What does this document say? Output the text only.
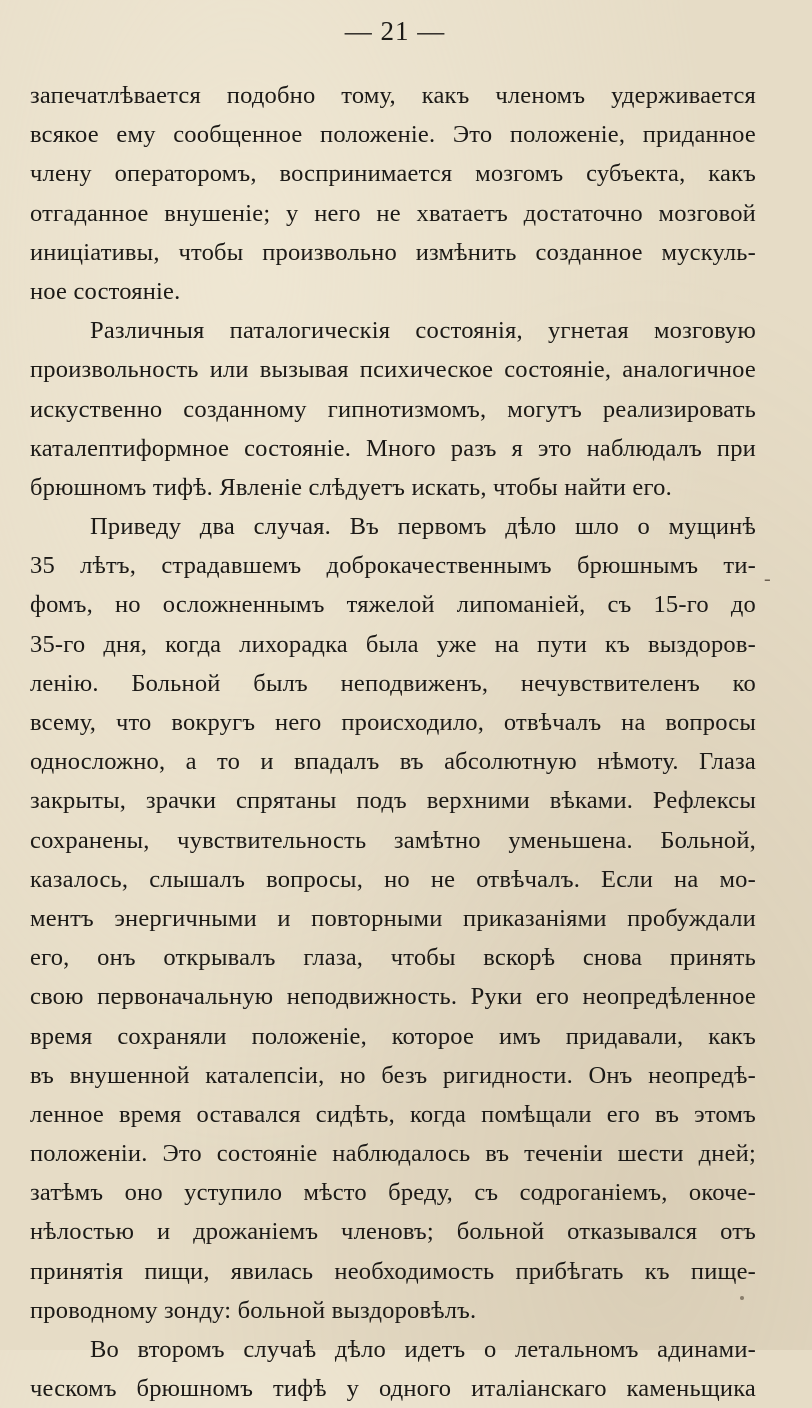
— 21 —
запечатлѣвается подобно тому, какъ членомъ удерживается
всякое ему сообщенное положеніе. Это положеніе, приданное
члену операторомъ, воспринимается мозгомъ субъекта, какъ
отгаданное внушеніе; у него не хватаетъ достаточно мозговой
иниціативы, чтобы произвольно измѣнить созданное мускуль-
ное состояніе.
Различныя паталогическія состоянія, угнетая мозговую
произвольность или вызывая психическое состояніе, аналогичное
искуственно созданному гипнотизмомъ, могутъ реализировать
каталептиформное состояніе. Много разъ я это наблюдалъ при
брюшномъ тифѣ. Явленіе слѣдуетъ искать, чтобы найти его.
Приведу два случая. Въ первомъ дѣло шло о мущинѣ
35 лѣтъ, страдавшемъ доброкачественнымъ брюшнымъ ти-
фомъ, но осложненнымъ тяжелой липоманіей, съ 15-го до
35-го дня, когда лихорадка была уже на пути къ выздоров-
ленію. Больной былъ неподвиженъ, нечувствителенъ ко
всему, что вокругъ него происходило, отвѣчалъ на вопросы
односложно, а то и впадалъ въ абсолютную нѣмоту. Глаза
закрыты, зрачки спрятаны подъ верхними вѣками. Рефлексы
сохранены, чувствительность замѣтно уменьшена. Больной,
казалось, слышалъ вопросы, но не отвѣчалъ. Если на мо-
ментъ энергичными и повторными приказаніями пробуждали
его, онъ открывалъ глаза, чтобы вскорѣ снова принять
свою первоначальную неподвижность. Руки его неопредѣленное
время сохраняли положеніе, которое имъ придавали, какъ
въ внушенной каталепсіи, но безъ ригидности. Онъ неопредѣ-
ленное время оставался сидѣть, когда помѣщали его въ этомъ
положеніи. Это состояніе наблюдалось въ теченіи шести дней;
затѣмъ оно уступило мѣсто бреду, съ содроганіемъ, окоче-
нѣлостью и дрожаніемъ членовъ; больной отказывался отъ
принятія пищи, явилась необходимость прибѣгать къ пище-
проводному зонду: больной выздоровѣлъ.
Во второмъ случаѣ дѣло идетъ о летальномъ адинами-
ческомъ брюшномъ тифѣ у одного италіанскаго каменьщика
-
